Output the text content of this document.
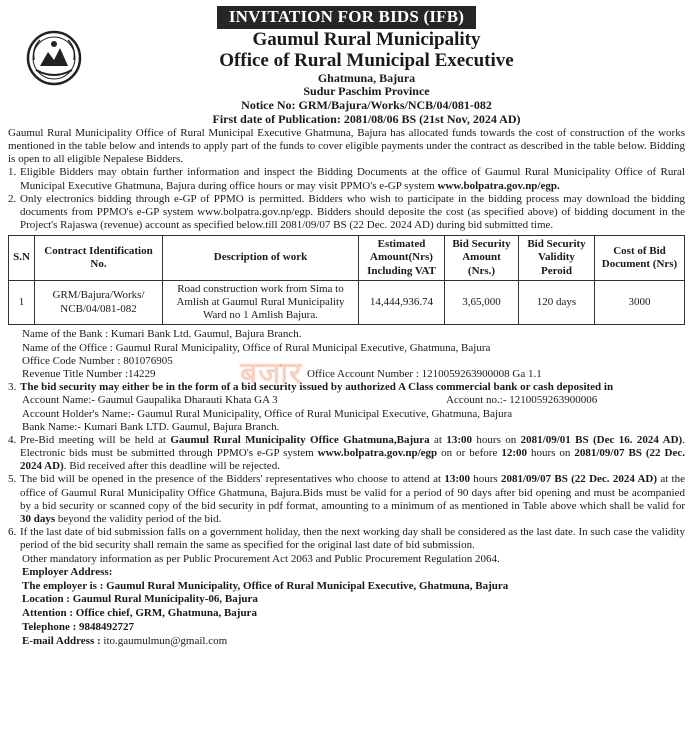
INVITATION FOR BIDS (IFB)
Gaumul Rural Municipality
Office of Rural Municipal Executive
Ghatmuna, Bajura
Sudur Paschim Province
Notice No: GRM/Bajura/Works/NCB/04/081-082
First date of Publication: 2081/08/06 BS (21st Nov, 2024 AD)

Gaumul Rural Municipality Office of Rural Municipal Executive Ghatmuna, Bajura has allocated funds towards the cost of construction of the works mentioned in the table below and intends to apply part of the funds to cover eligible payments under the contract as described in the table below. Bidding is open to all eligible Nepalese Bidders.

1. Eligible Bidders may obtain further information and inspect the Bidding Documents at the office of Gaumul Rural Municipality Office of Rural Municipal Executive Ghatmuna, Bajura during office hours or may visit PPMO's e-GP system www.bolpatra.gov.np/egp.
2. Only electronics bidding through e-GP of PPMO is permitted. Bidders who wish to participate in the bidding process may download the bidding documents from PPMO's e-GP system www.bolpatra.gov.np/egp. Bidders should deposite the cost (as specified above) of bidding document in the Project's Rajaswa (revenue) account as specified below.till 2081/09/07 BS (22 Dec. 2024 AD) during bid submitted time.
S.N	Contract Identification No.	Description of work	Estimated Amount(Nrs) Including VAT	Bid Security Amount (Nrs.)	Bid Security Validity Peroid	Cost of Bid Document (Nrs)
1	GRM/Bajura/Works/ NCB/04/081-082	Road construction work from Sima to Amlish at Gaumul Rural Municipality Ward no 1 Amlish Bajura.	14,444,936.74	3,65,000	120 days	3000
Name of the Bank : Kumari Bank Ltd. Gaumul, Bajura Branch.
Name of the Office : Gaumul Rural Municipality, Office of Rural Municipal Executive, Ghatmuna, Bajura
Office Code Number : 801076905
Revenue Title Number :14229	Office Account Number : 1210059263900008 Ga 1.1
3. The bid security may either be in the form of a bid security issued by authorized A Class commercial bank or cash deposited in
Account Name:- Gaumul Gaupalika Dharauti Khata GA 3	Account no.:- 1210059263900006
Account Holder's Name:- Gaumul Rural Municipality, Office of Rural Municipal Executive, Ghatmuna, Bajura
Bank Name:- Kumari Bank LTD. Gaumul, Bajura Branch.
4. Pre-Bid meeting will be held at Gaumul Rural Municipality Office Ghatmuna,Bajura at 13:00 hours on 2081/09/01 BS (Dec 16. 2024 AD). Electronic bids must be submitted through PPMO's e-GP system www.bolpatra.gov.np/egp on or before 12:00 hours on 2081/09/07 BS (22 Dec. 2024 AD). Bid received after this deadline will be rejected.
5. The bid will be opened in the presence of the Bidders' representatives who choose to attend at 13:00 hours 2081/09/07 BS (22 Dec. 2024 AD) at the office of Gaumul Rural Municipality Office Ghatmuna, Bajura.Bids must be valid for a period of 90 days after bid opening and must be acompanied by a bid security or scanned copy of the bid security in pdf format, amounting to a minimum of as mentioned in Table above which shall be valid for 30 days beyond the validity period of the bid.
6. If the last date of bid submission falls on a government holiday, then the next working day shall be considered as the last date. In such case the validity period of the bid security shall remain the same as specified for the original last date of bid submission.
Other mandatory information as per Public Procurement Act 2063 and Public Procurement Regulation 2064.
Employer Address:
The employer is : Gaumul Rural Municipality, Office of Rural Municipal Executive, Ghatmuna, Bajura
Location : Gaumul Rural Municipality-06, Bajura
Attention : Office chief, GRM, Ghatmuna, Bajura
Telephone : 9848492727
E-mail Address : ito.gaumulmun@gmail.com
बजार
